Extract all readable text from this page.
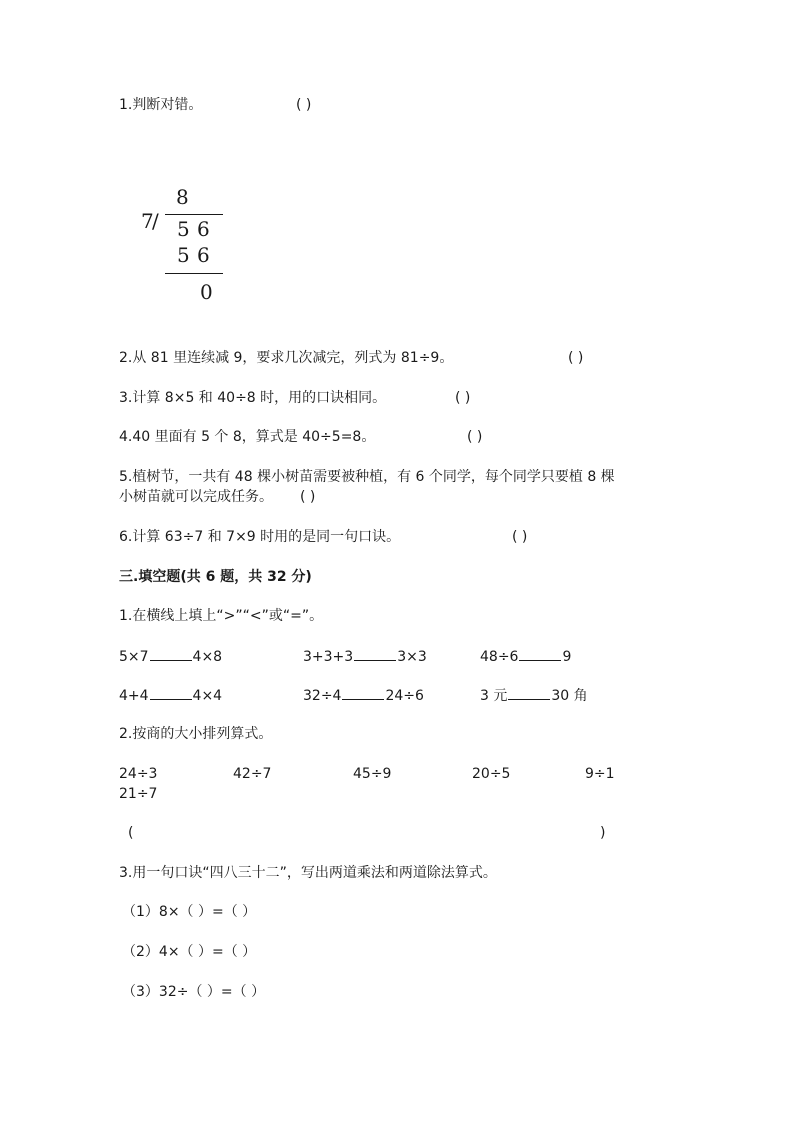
1.判断对错。	( )
8
7
/ 5 6
5 6
0
2.从 81 里连续减 9，要求几次减完，列式为 81÷9。	( )
3.计算 8×5 和 40÷8 时，用的口诀相同。	( )
4.40 里面有 5 个 8，算式是 40÷5=8。	( )
5.植树节，一共有 48 棵小树苗需要被种植，有 6 个同学，每个同学只要植 8 棵
小树苗就可以完成任务。 ( )
6.计算 63÷7 和 7×9 时用的是同一句口诀。	( )
三.填空题(共 6 题，共 32 分)
1.在横线上填上“>”“<”或“=”。
5×7	4×8	3+3+3	3×3	48÷6	9
4+4	4×4	32÷4	24÷6	3 元	30 角
2.按商的大小排列算式。
24÷3	42÷7	45÷9	20÷5	9÷1
21÷7
(	)
3.用一句口诀“四八三十二”，写出两道乘法和两道除法算式。
（1）8×（ ）=（ ）
（2）4×（ ）=（ ）
（3）32÷（ ）=（ ）
